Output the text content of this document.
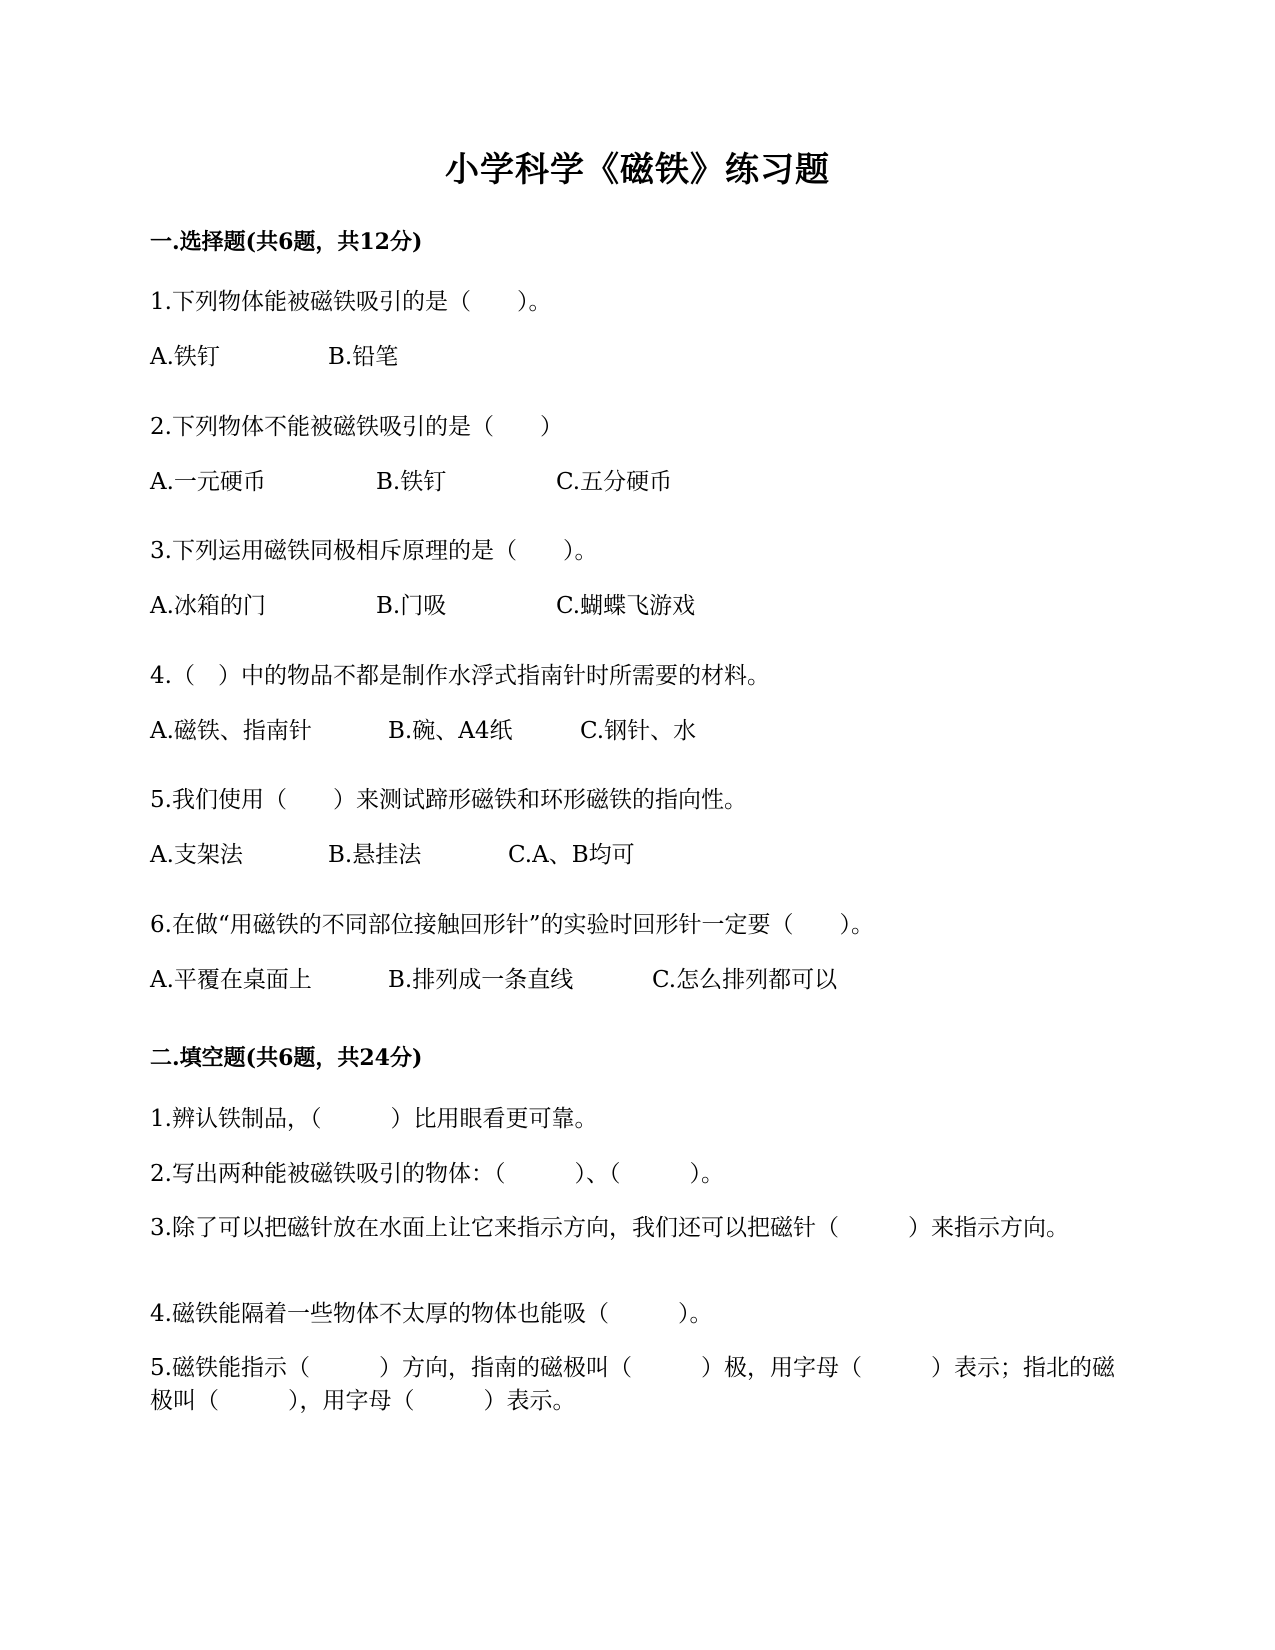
小学科学《磁铁》练习题
一.选择题(共6题，共12分)
1.下列物体能被磁铁吸引的是（　　）。
A.铁钉	B.铅笔
2.下列物体不能被磁铁吸引的是（　　）
A.一元硬币	B.铁钉	C.五分硬币
3.下列运用磁铁同极相斥原理的是（　　）。
A.冰箱的门	B.门吸	C.蝴蝶飞游戏
4.（　）中的物品不都是制作水浮式指南针时所需要的材料。
A.磁铁、指南针	B.碗、A4纸	C.钢针、水
5.我们使用（　　）来测试蹄形磁铁和环形磁铁的指向性。
A.支架法	B.悬挂法	C.A、B均可
6.在做“用磁铁的不同部位接触回形针”的实验时回形针一定要（　　）。
A.平覆在桌面上	B.排列成一条直线	C.怎么排列都可以
二.填空题(共6题，共24分)
1.辨认铁制品，（　　　）比用眼看更可靠。
2.写出两种能被磁铁吸引的物体：（　　　）、（　　　）。
3.除了可以把磁针放在水面上让它来指示方向，我们还可以把磁针（　　　）来指示方向。
4.磁铁能隔着一些物体不太厚的物体也能吸（　　　）。
5.磁铁能指示（　　　）方向，指南的磁极叫（　　　）极，用字母（　　　）表示；指北的磁极叫（　　　），用字母（　　　）表示。
